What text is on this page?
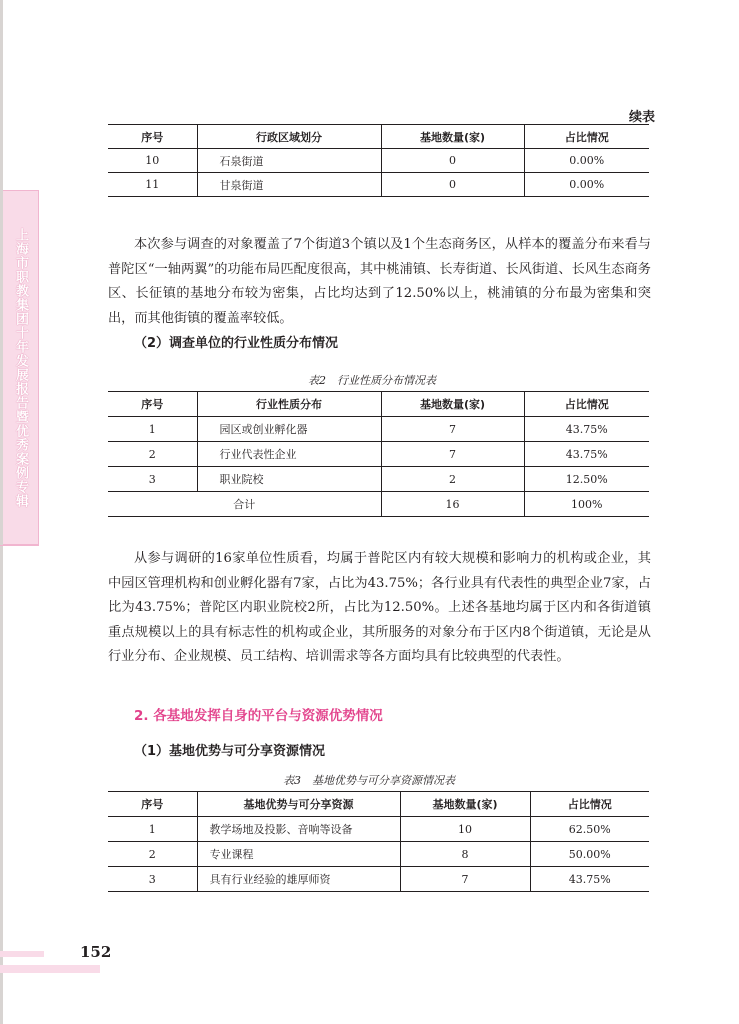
上海市职教集团十年发展报告暨优秀案例专辑
续表
序号	行政区域划分	基地数量(家)	占比情况
10	石泉街道	0	0.00%
11	甘泉街道	0	0.00%

本次参与调查的对象覆盖了7个街道3个镇以及1个生态商务区，从样本的覆盖分布来看与普陀区“一轴两翼”的功能布局匹配度很高，其中桃浦镇、长寿街道、长风街道、长风生态商务区、长征镇的基地分布较为密集，占比均达到了12.50%以上，桃浦镇的分布最为密集和突出，而其他街镇的覆盖率较低。

（2）调查单位的行业性质分布情况
表2　行业性质分布情况表
序号	行业性质分布	基地数量(家)	占比情况
1	园区或创业孵化器	7	43.75%
2	行业代表性企业	7	43.75%
3	职业院校	2	12.50%
合计		16	100%

从参与调研的16家单位性质看，均属于普陀区内有较大规模和影响力的机构或企业，其中园区管理机构和创业孵化器有7家，占比为43.75%；各行业具有代表性的典型企业7家，占比为43.75%；普陀区内职业院校2所，占比为12.50%。上述各基地均属于区内和各街道镇重点规模以上的具有标志性的机构或企业，其所服务的对象分布于区内8个街道镇，无论是从行业分布、企业规模、员工结构、培训需求等各方面均具有比较典型的代表性。

2. 各基地发挥自身的平台与资源优势情况
（1）基地优势与可分享资源情况
表3　基地优势与可分享资源情况表
序号	基地优势与可分享资源	基地数量(家)	占比情况
1	教学场地及投影、音响等设备	10	62.50%
2	专业课程	8	50.00%
3	具有行业经验的雄厚师资	7	43.75%
152
